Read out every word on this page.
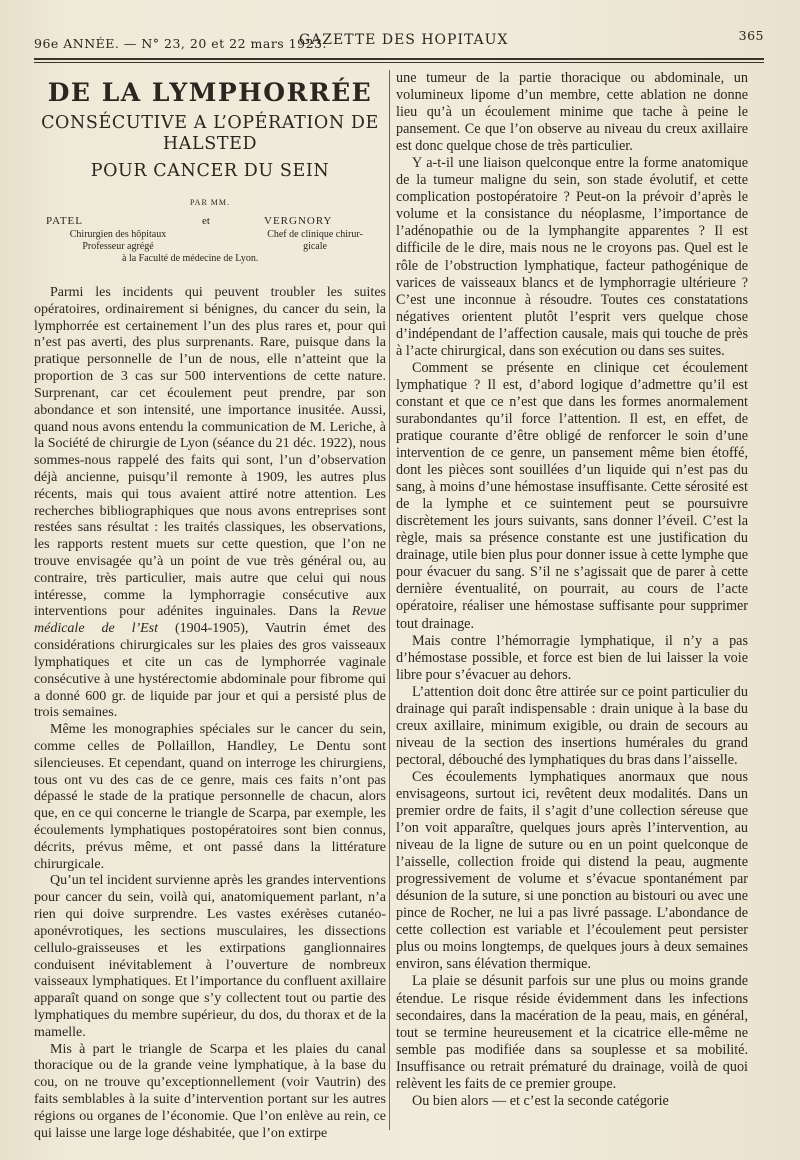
96e ANNÉE. — N° 23, 20 et 22 mars 1923.
GAZETTE DES HOPITAUX	365
DE LA LYMPHORRÉE
CONSÉCUTIVE A L’OPÉRATION DE HALSTED
POUR CANCER DU SEIN
PAR MM.
PATEL
Chirurgien des hôpitaux
Professeur agrégé
et	VERGNORY
Chef de clinique chirur-
gicale
à la Faculté de médecine de Lyon.

Parmi les incidents qui peuvent troubler les suites opératoires, ordinairement si bénignes, du cancer du sein, la lymphorrée est certainement l’un des plus rares et, pour qui n’est pas averti, des plus surprenants. Rare, puisque dans la pratique personnelle de l’un de nous, elle n’atteint que la proportion de 3 cas sur 500 interventions de cette nature. Surprenant, car cet écoulement peut prendre, par son abondance et son intensité, une importance inusitée. Aussi, quand nous avons entendu la communication de M. Leriche, à la Société de chirurgie de Lyon (séance du 21 déc. 1922), nous sommes-nous rappelé des faits qui sont, l’un d’observation déjà ancienne, puisqu’il remonte à 1909, les autres plus récents, mais qui tous avaient attiré notre attention. Les recherches bibliographiques que nous avons entreprises sont restées sans résultat : les traités classiques, les observations, les rapports restent muets sur cette question, que l’on ne trouve envisagée qu’à un point de vue très général ou, au contraire, très particulier, mais autre que celui qui nous intéresse, comme la lymphorragie consécutive aux interventions pour adénites inguinales. Dans la Revue médicale de l’Est (1904-1905), Vautrin émet des considérations chirurgicales sur les plaies des gros vaisseaux lymphatiques et cite un cas de lymphorrée vaginale consécutive à une hystérectomie abdominale pour fibrome qui a donné 600 gr. de liquide par jour et qui a persisté plus de trois semaines.

Même les monographies spéciales sur le cancer du sein, comme celles de Pollaillon, Handley, Le Dentu sont silencieuses. Et cependant, quand on interroge les chirurgiens, tous ont vu des cas de ce genre, mais ces faits n’ont pas dépassé le stade de la pratique personnelle de chacun, alors que, en ce qui concerne le triangle de Scarpa, par exemple, les écoulements lymphatiques postopératoires sont bien connus, décrits, prévus même, et ont passé dans la littérature chirurgicale.

Qu’un tel incident survienne après les grandes interventions pour cancer du sein, voilà qui, anatomiquement parlant, n’a rien qui doive surprendre. Les vastes exérèses cutanéo-aponévrotiques, les sections musculaires, les dissections cellulo-graisseuses et les extirpations ganglionnaires conduisent inévitablement à l’ouverture de nombreux vaisseaux lymphatiques. Et l’importance du confluent axillaire apparaît quand on songe que s’y collectent tout ou partie des lymphatiques du membre supérieur, du dos, du thorax et de la mamelle.

Mis à part le triangle de Scarpa et les plaies du canal thoracique ou de la grande veine lymphatique, à la base du cou, on ne trouve qu’exceptionnellement (voir Vautrin) des faits semblables à la suite d’intervention portant sur les autres régions ou organes de l’économie. Que l’on enlève au rein, ce qui laisse une large loge déshabitée, que l’on extirpe

une tumeur de la partie thoracique ou abdominale, un volumineux lipome d’un membre, cette ablation ne donne lieu qu’à un écoulement minime que tache à peine le pansement. Ce que l’on observe au niveau du creux axillaire est donc quelque chose de très particulier.

Y a-t-il une liaison quelconque entre la forme anatomique de la tumeur maligne du sein, son stade évolutif, et cette complication postopératoire ? Peut-on la prévoir d’après le volume et la consistance du néoplasme, l’importance de l’adénopathie ou de la lymphangite apparentes ? Il est difficile de le dire, mais nous ne le croyons pas. Quel est le rôle de l’obstruction lymphatique, facteur pathogénique de varices de vaisseaux blancs et de lymphorragie ultérieure ? C’est une inconnue à résoudre. Toutes ces constatations négatives orientent plutôt l’esprit vers quelque chose d’indépendant de l’affection causale, mais qui touche de près à l’acte chirurgical, dans son exécution ou dans ses suites.

Comment se présente en clinique cet écoulement lymphatique ? Il est, d’abord logique d’admettre qu’il est constant et que ce n’est que dans les formes anormalement surabondantes qu’il force l’attention. Il est, en effet, de pratique courante d’être obligé de renforcer le soin d’une intervention de ce genre, un pansement même bien étoffé, dont les pièces sont souillées d’un liquide qui n’est pas du sang, à moins d’une hémostase insuffisante. Cette sérosité est de la lymphe et ce suintement peut se poursuivre discrètement les jours suivants, sans donner l’éveil. C’est la règle, mais sa présence constante est une justification du drainage, utile bien plus pour donner issue à cette lymphe que pour évacuer du sang. S’il ne s’agissait que de parer à cette dernière éventualité, on pourrait, au cours de l’acte opératoire, réaliser une hémostase suffisante pour supprimer tout drainage.

Mais contre l’hémorragie lymphatique, il n’y a pas d’hémostase possible, et force est bien de lui laisser la voie libre pour s’évacuer au dehors.

L’attention doit donc être attirée sur ce point particulier du drainage qui paraît indispensable : drain unique à la base du creux axillaire, minimum exigible, ou drain de secours au niveau de la section des insertions humérales du grand pectoral, débouché des lymphatiques du bras dans l’aisselle.

Ces écoulements lymphatiques anormaux que nous envisageons, surtout ici, revêtent deux modalités. Dans un premier ordre de faits, il s’agit d’une collection séreuse que l’on voit apparaître, quelques jours après l’intervention, au niveau de la ligne de suture ou en un point quelconque de l’aisselle, collection froide qui distend la peau, augmente progressivement de volume et s’évacue spontanément par désunion de la suture, si une ponction au bistouri ou avec une pince de Rocher, ne lui a pas livré passage. L’abondance de cette collection est variable et l’écoulement peut persister plus ou moins longtemps, de quelques jours à deux semaines environ, sans élévation thermique.

La plaie se désunit parfois sur une plus ou moins grande étendue. Le risque réside évidemment dans les infections secondaires, dans la macération de la peau, mais, en général, tout se termine heureusement et la cicatrice elle-même ne semble pas modifiée dans sa souplesse et sa mobilité. Insuffisance ou retrait prématuré du drainage, voilà de quoi relèvent les faits de ce premier groupe.

Ou bien alors — et c’est la seconde catégorie
